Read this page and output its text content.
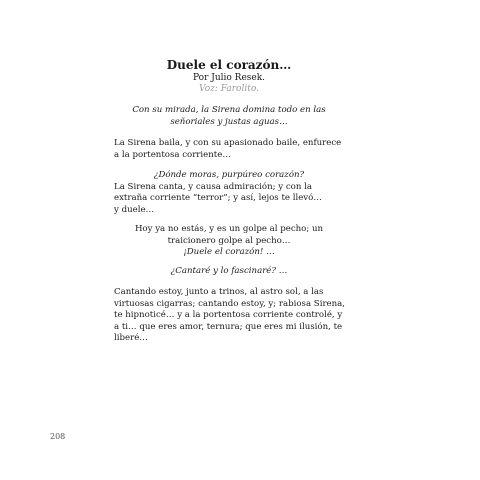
Duele el corazón…
Por Julio Resek.
Voz: Farolito.
Con su mirada, la Sirena domina todo en las
señoriales y justas aguas…
La Sirena baila, y con su apasionado baile, enfurece
a la portentosa corriente…
¿Dónde moras, purpúreo corazón?
La Sirena canta, y causa admiración; y con la
extraña corriente “terror”; y así, lejos te llevó…
y duele…
Hoy ya no estás, y es un golpe al pecho; un
traicionero golpe al pecho…
¡Duele el corazón! …
¿Cantaré y lo fascinaré? …
Cantando estoy, junto a trinos, al astro sol, a las
virtuosas cigarras; cantando estoy, y; rabiosa Sirena,
te hipnoticé… y a la portentosa corriente controlé, y
a ti… que eres amor, ternura; que eres mi ilusión, te
liberé…
208
